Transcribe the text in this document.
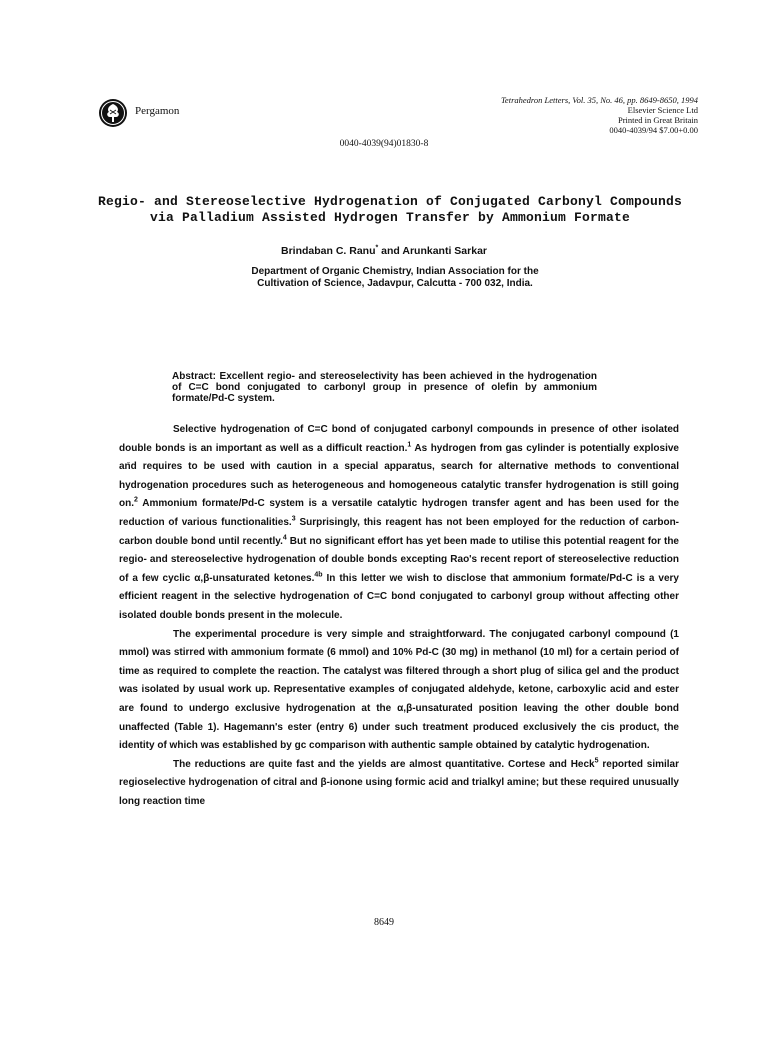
Pergamon
Tetrahedron Letters, Vol. 35, No. 46, pp. 8649-8650, 1994
Elsevier Science Ltd
Printed in Great Britain
0040-4039/94 $7.00+0.00
0040-4039(94)01830-8
Regio- and Stereoselective Hydrogenation of Conjugated Carbonyl Compounds
via Palladium Assisted Hydrogen Transfer by Ammonium Formate
Brindaban C. Ranu* and Arunkanti Sarkar
Department of Organic Chemistry, Indian Association for the
Cultivation of Science, Jadavpur, Calcutta - 700 032, India.
Abstract: Excellent regio- and stereoselectivity has been achieved in the hydrogenation of C=C bond conjugated to carbonyl group in presence of olefin by ammonium formate/Pd-C system.

Selective hydrogenation of C=C bond of conjugated carbonyl compounds in presence of other isolated double bonds is an important as well as a difficult reaction.$^1$ As hydrogen from gas cylinder is potentially explosive and requires to be used with caution in a special apparatus, search for alternative methods to conventional hydrogenation procedures such as heterogeneous and homogeneous catalytic transfer hydrogenation is still going on.$^2$ Ammonium formate/Pd-C system is a versatile catalytic hydrogen transfer agent and has been used for the reduction of various functionalities.$^3$ Surprisingly, this reagent has not been employed for the reduction of carbon-carbon double bond until recently.$^4$ But no significant effort has yet been made to utilise this potential reagent for the regio- and stereoselective hydrogenation of double bonds excepting Rao's recent report of stereoselective reduction of a few cyclic α,β-unsaturated ketones.$^{4b}$ In this letter we wish to disclose that ammonium formate/Pd-C is a very efficient reagent in the selective hydrogenation of C=C bond conjugated to carbonyl group without affecting other isolated double bonds present in the molecule.

The experimental procedure is very simple and straightforward. The conjugated carbonyl compound (1 mmol) was stirred with ammonium formate (6 mmol) and 10% Pd-C (30 mg) in methanol (10 ml) for a certain period of time as required to complete the reaction. The catalyst was filtered through a short plug of silica gel and the product was isolated by usual work up. Representative examples of conjugated aldehyde, ketone, carboxylic acid and ester are found to undergo exclusive hydrogenation at the α,β-unsaturated position leaving the other double bond unaffected (Table 1). Hagemann's ester (entry 6) under such treatment produced exclusively the cis product, the identity of which was established by gc comparison with authentic sample obtained by catalytic hydrogenation.

The reductions are quite fast and the yields are almost quantitative. Cortese and Heck$^5$ reported similar regioselective hydrogenation of citral and β-ionone using formic acid and trialkyl amine; but these required unusually long reaction time

8649
